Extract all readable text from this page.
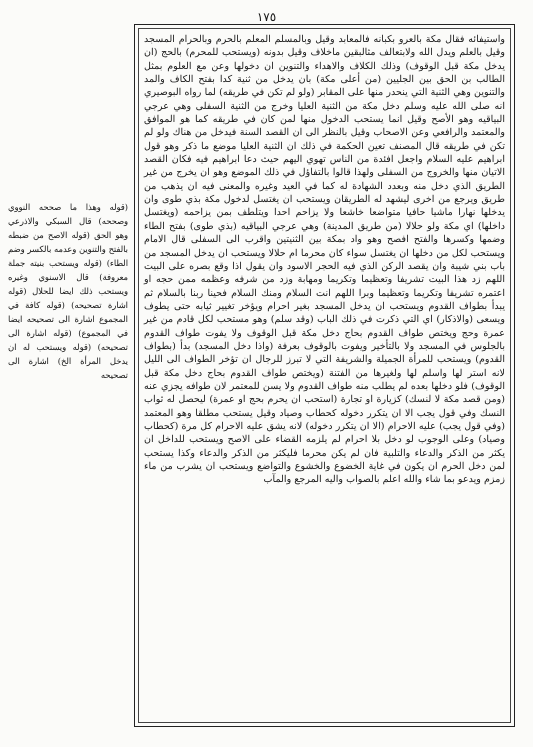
١٧٥
واستيفائه فقال مكة بالعرو بكبانه فالمعابد وقيل وبالمسلم المعلم بالحرم وبالحرام المسجد وقيل بالعلم ويدل الله ولابتعالف مثالبقين ماخلاف وقيل بدونه (ويستحب للمحرم) بالحج (ان يدخل مكة قبل الوقوف) وذلك الكلاف والاهداء والتنوين ان دخولها وعن مع العلوم بمثل الطالب بن الحق بين الجليين (من أعلى مكة) بان يدخل من ثنية كدا بفتح الكاف والمد والتنوين وهي الثنية التي ينحدر منها على المقابر (ولو لم تكن في طريقه) لما رواه البوصيري انه صلى الله عليه وسلم دخل مكة من الثنية العليا وخرج من الثنية السفلى وهي عرجي البياقيه وهو الأصح وقيل انما يستحب الدخول منها لمن كان في طريقه كما هو الموافق والمعتمد والرافعي وعن الاصحاب وقيل بالنظر الى ان القصد السنة فيدخل من هناك ولو لم تكن في طريقه قال المصنف تعين الحكمة في ذلك ان الثنية العليا موضع ما ذكر وهو قول ابراهيم عليه السلام واجعل افئدة من الناس تهوي اليهم حيث دعا ابراهيم فيه فكان القصد الاتيان منها والخروج من السفلى ولهذا قالوا بالتفاؤل في ذلك الموضع وهو ان يخرج من غير الطريق الذي دخل منه وبعدد الشهادة له كما في العيد وغيره والمعنى فيه ان يذهب من طريق ويرجع من اخرى ليشهد له الطريقان ويستحب ان يغتسل لدخول مكة بذي طوى وان يدخلها نهارا ماشيا حافيا متواضعا خاشعا ولا يزاحم احدا ويتلطف بمن يزاحمه (ويغتسل داخلها) اي مكة ولو حلالا (من طريق المدينة) وهي عرجي البياقيه (بذي طوى) بفتح الطاء وضمها وكسرها والفتح افصح وهو واد بمكة بين الثنيتين واقرب الى السفلى قال الامام ويستحب لكل من دخلها ان يغتسل سواء كان محرما ام حلالا ويستحب ان يدخل المسجد من باب بني شيبة وان يقصد الركن الذي فيه الحجر الاسود وان يقول اذا وقع بصره على البيت اللهم زد هذا البيت تشريفا وتعظيما وتكريما ومهابة وزد من شرفه وعظمه ممن حجه او اعتمره تشريفا وتكريما وتعظيما وبرا اللهم انت السلام ومنك السلام فحينا ربنا بالسلام ثم يبدأ بطواف القدوم ويستحب ان يدخل المسجد بغير احرام ويؤخر تغيير ثيابه حتى يطوف ويسعى (والاذكار) اي التي ذكرت في ذلك الباب (وقد سلم) وهو مستحب لكل قادم من غير عمرة وحج ويختص طواف القدوم بحاج دخل مكة قبل الوقوف ولا يفوت طواف القدوم بالجلوس في المسجد ولا بالتأخير ويفوت بالوقوف بعرفة (واذا دخل المسجد) بدأ (بطواف القدوم) ويستحب للمرأة الجميلة والشريفة التي لا تبرز للرجال ان تؤخر الطواف الى الليل لانه استر لها واسلم لها ولغيرها من الفتنة (ويختص طواف القدوم بحاج دخل مكة قبل الوقوف) فلو دخلها بعده لم يطلب منه طواف القدوم ولا يسن للمعتمر لان طوافه يجزي عنه (ومن قصد مكة لا لنسك) كزيارة او تجارة (استحب ان يحرم بحج او عمرة) ليحصل له ثواب النسك وفي قول يجب الا ان يتكرر دخوله كحطاب وصياد وقيل يستحب مطلقا وهو المعتمد (وفي قول يجب) عليه الاحرام (الا ان يتكرر دخوله) لانه يشق عليه الاحرام كل مرة (كحطاب وصياد) وعلى الوجوب لو دخل بلا احرام لم يلزمه القضاء على الاصح ويستحب للداخل ان يكثر من الذكر والدعاء والتلبية فان لم يكن محرما فليكثر من الذكر والدعاء وكذا يستحب لمن دخل الحرم ان يكون في غاية الخضوع والخشوع والتواضع ويستحب ان يشرب من ماء زمزم ويدعو بما شاء والله اعلم بالصواب واليه المرجع والمآب
(قوله وهذا ما صححه النووي وصححه) قال السبكي والاذرعي وهو الحق (قوله الاصح من ضبطه بالفتح والتنوين وعدمه بالكسر وضم الطاء) (قوله ويستحب بنيته جملة معروفة) قال الاسنوي وغيره ويستحب ذلك ايضا للحلال (قوله اشارة تصحيحه) (قوله كافة في المجموع اشارة الى تصحيحه ايضا في المجموع) (قوله اشارة الى تصحيحه) (قوله ويستحب له ان يدخل المرأة الخ) اشارة الى تصحيحه
